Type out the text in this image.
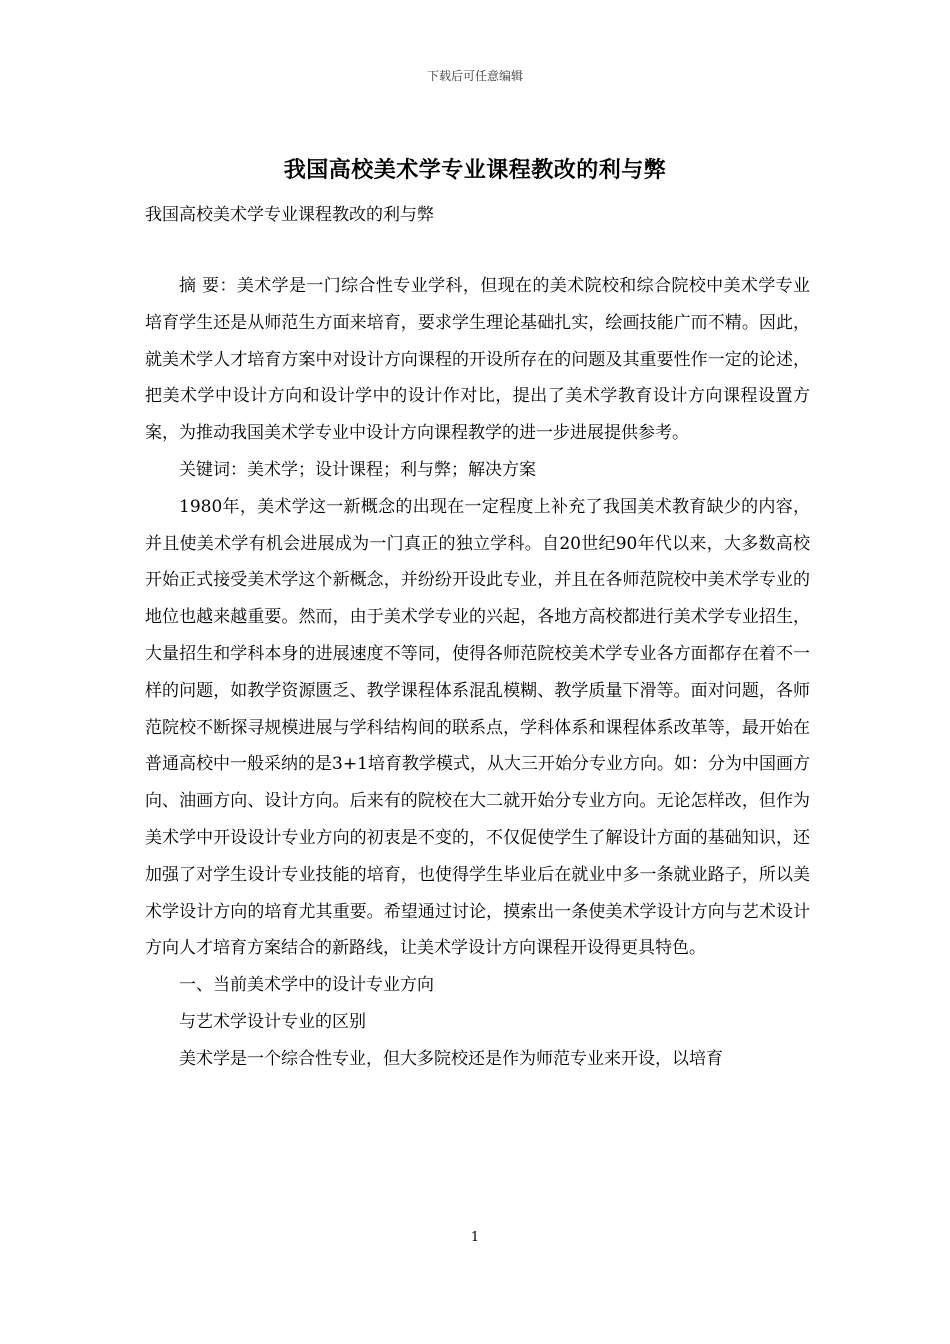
下载后可任意编辑
我国高校美术学专业课程教改的利与弊
我国高校美术学专业课程教改的利与弊

摘 要：美术学是一门综合性专业学科，但现在的美术院校和综合院校中美术学专业培育学生还是从师范生方面来培育，要求学生理论基础扎实，绘画技能广而不精。因此，就美术学人才培育方案中对设计方向课程的开设所存在的问题及其重要性作一定的论述，把美术学中设计方向和设计学中的设计作对比，提出了美术学教育设计方向课程设置方案，为推动我国美术学专业中设计方向课程教学的进一步进展提供参考。

关键词：美术学；设计课程；利与弊；解决方案

1980年，美术学这一新概念的出现在一定程度上补充了我国美术教育缺少的内容，并且使美术学有机会进展成为一门真正的独立学科。自20世纪90年代以来，大多数高校开始正式接受美术学这个新概念，并纷纷开设此专业，并且在各师范院校中美术学专业的地位也越来越重要。然而，由于美术学专业的兴起，各地方高校都进行美术学专业招生，大量招生和学科本身的进展速度不等同，使得各师范院校美术学专业各方面都存在着不一样的问题，如教学资源匮乏、教学课程体系混乱模糊、教学质量下滑等。面对问题，各师范院校不断探寻规模进展与学科结构间的联系点，学科体系和课程体系改革等，最开始在普通高校中一般采纳的是3+1培育教学模式，从大三开始分专业方向。如：分为中国画方向、油画方向、设计方向。后来有的院校在大二就开始分专业方向。无论怎样改，但作为美术学中开设设计专业方向的初衷是不变的，不仅促使学生了解设计方面的基础知识，还加强了对学生设计专业技能的培育，也使得学生毕业后在就业中多一条就业路子，所以美术学设计方向的培育尤其重要。希望通过讨论，摸索出一条使美术学设计方向与艺术设计方向人才培育方案结合的新路线，让美术学设计方向课程开设得更具特色。

一、当前美术学中的设计专业方向

与艺术学设计专业的区别

美术学是一个综合性专业，但大多院校还是作为师范专业来开设，以培育

1
